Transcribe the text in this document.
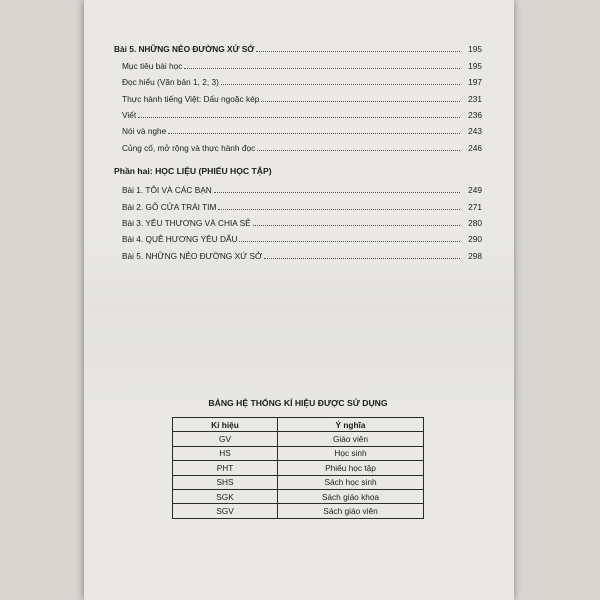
Bài 5. NHỮNG NẺO ĐƯỜNG XỨ SỞ	195
Mục tiêu bài học	195
Đọc hiểu (Văn bản 1, 2, 3)	197
Thực hành tiếng Việt: Dấu ngoặc kép	231
Viết	236
Nói và nghe	243
Củng cố, mở rộng và thực hành đọc	246
Phần hai: HỌC LIỆU (PHIẾU HỌC TẬP)
Bài 1. TÔI VÀ CÁC BẠN	249
Bài 2. GÕ CỬA TRÁI TIM	271
Bài 3. YÊU THƯƠNG VÀ CHIA SẺ	280
Bài 4. QUÊ HƯƠNG YÊU DẤU	290
Bài 5. NHỮNG NẺO ĐƯỜNG XỨ SỞ	298
BẢNG HỆ THỐNG KÍ HIỆU ĐƯỢC SỬ DỤNG
Kí hiệu	Ý nghĩa
GV	Giáo viên
HS	Học sinh
PHT	Phiếu học tập
SHS	Sách học sinh
SGK	Sách giáo khoa
SGV	Sách giáo viên
